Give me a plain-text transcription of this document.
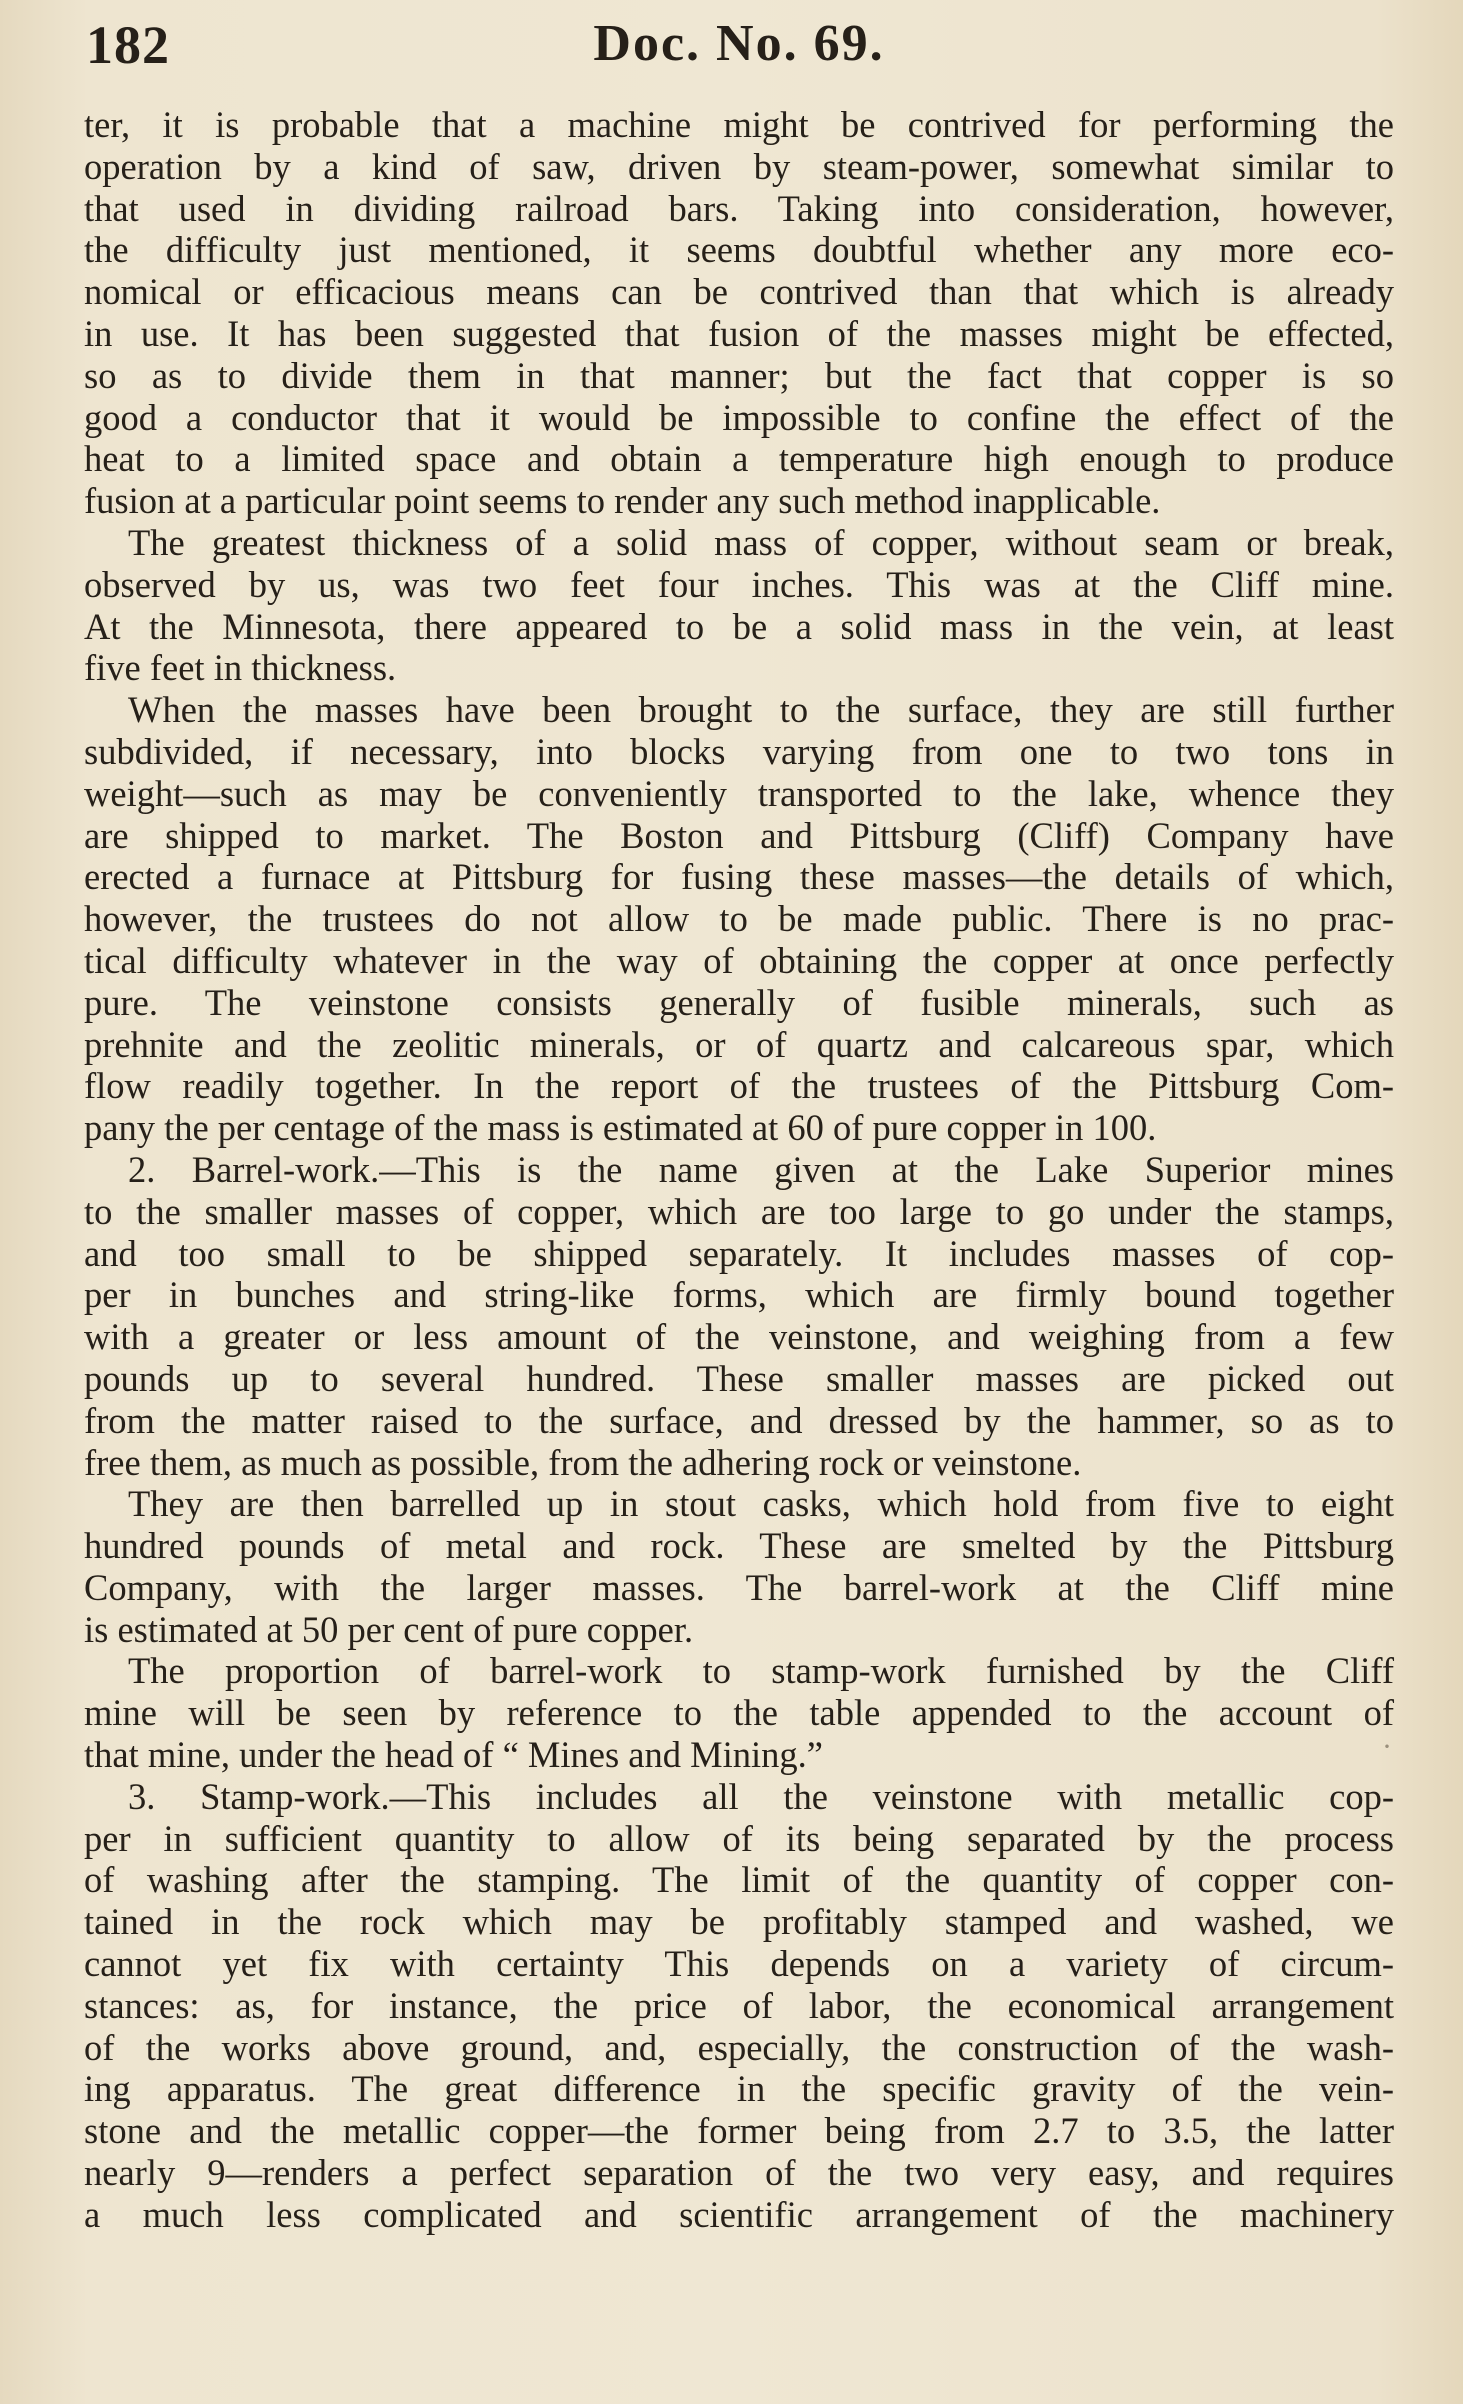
182	Doc. No. 69.
ter, it is probable that a machine might be contrived for performing the
operation by a kind of saw, driven by steam-power, somewhat similar to
that used in dividing railroad bars. Taking into consideration, however,
the difficulty just mentioned, it seems doubtful whether any more eco-
nomical or efficacious means can be contrived than that which is already
in use. It has been suggested that fusion of the masses might be effected,
so as to divide them in that manner; but the fact that copper is so
good a conductor that it would be impossible to confine the effect of the
heat to a limited space and obtain a temperature high enough to produce
fusion at a particular point seems to render any such method inapplicable.
The greatest thickness of a solid mass of copper, without seam or break,
observed by us, was two feet four inches. This was at the Cliff mine.
At the Minnesota, there appeared to be a solid mass in the vein, at least
five feet in thickness.
When the masses have been brought to the surface, they are still further
subdivided, if necessary, into blocks varying from one to two tons in
weight—such as may be conveniently transported to the lake, whence they
are shipped to market. The Boston and Pittsburg (Cliff) Company have
erected a furnace at Pittsburg for fusing these masses—the details of which,
however, the trustees do not allow to be made public. There is no prac-
tical difficulty whatever in the way of obtaining the copper at once perfectly
pure. The veinstone consists generally of fusible minerals, such as
prehnite and the zeolitic minerals, or of quartz and calcareous spar, which
flow readily together. In the report of the trustees of the Pittsburg Com-
pany the per centage of the mass is estimated at 60 of pure copper in 100.
2. Barrel-work.—This is the name given at the Lake Superior mines
to the smaller masses of copper, which are too large to go under the stamps,
and too small to be shipped separately. It includes masses of cop-
per in bunches and string-like forms, which are firmly bound together
with a greater or less amount of the veinstone, and weighing from a few
pounds up to several hundred. These smaller masses are picked out
from the matter raised to the surface, and dressed by the hammer, so as to
free them, as much as possible, from the adhering rock or veinstone.
They are then barrelled up in stout casks, which hold from five to eight
hundred pounds of metal and rock. These are smelted by the Pittsburg
Company, with the larger masses. The barrel-work at the Cliff mine
is estimated at 50 per cent of pure copper.
The proportion of barrel-work to stamp-work furnished by the Cliff
mine will be seen by reference to the table appended to the account of
that mine, under the head of “ Mines and Mining.”
3. Stamp-work.—This includes all the veinstone with metallic cop-
per in sufficient quantity to allow of its being separated by the process
of washing after the stamping. The limit of the quantity of copper con-
tained in the rock which may be profitably stamped and washed, we
cannot yet fix with certainty This depends on a variety of circum-
stances: as, for instance, the price of labor, the economical arrangement
of the works above ground, and, especially, the construction of the wash-
ing apparatus. The great difference in the specific gravity of the vein-
stone and the metallic copper—the former being from 2.7 to 3.5, the latter
nearly 9—renders a perfect separation of the two very easy, and requires
a much less complicated and scientific arrangement of the machinery
·
